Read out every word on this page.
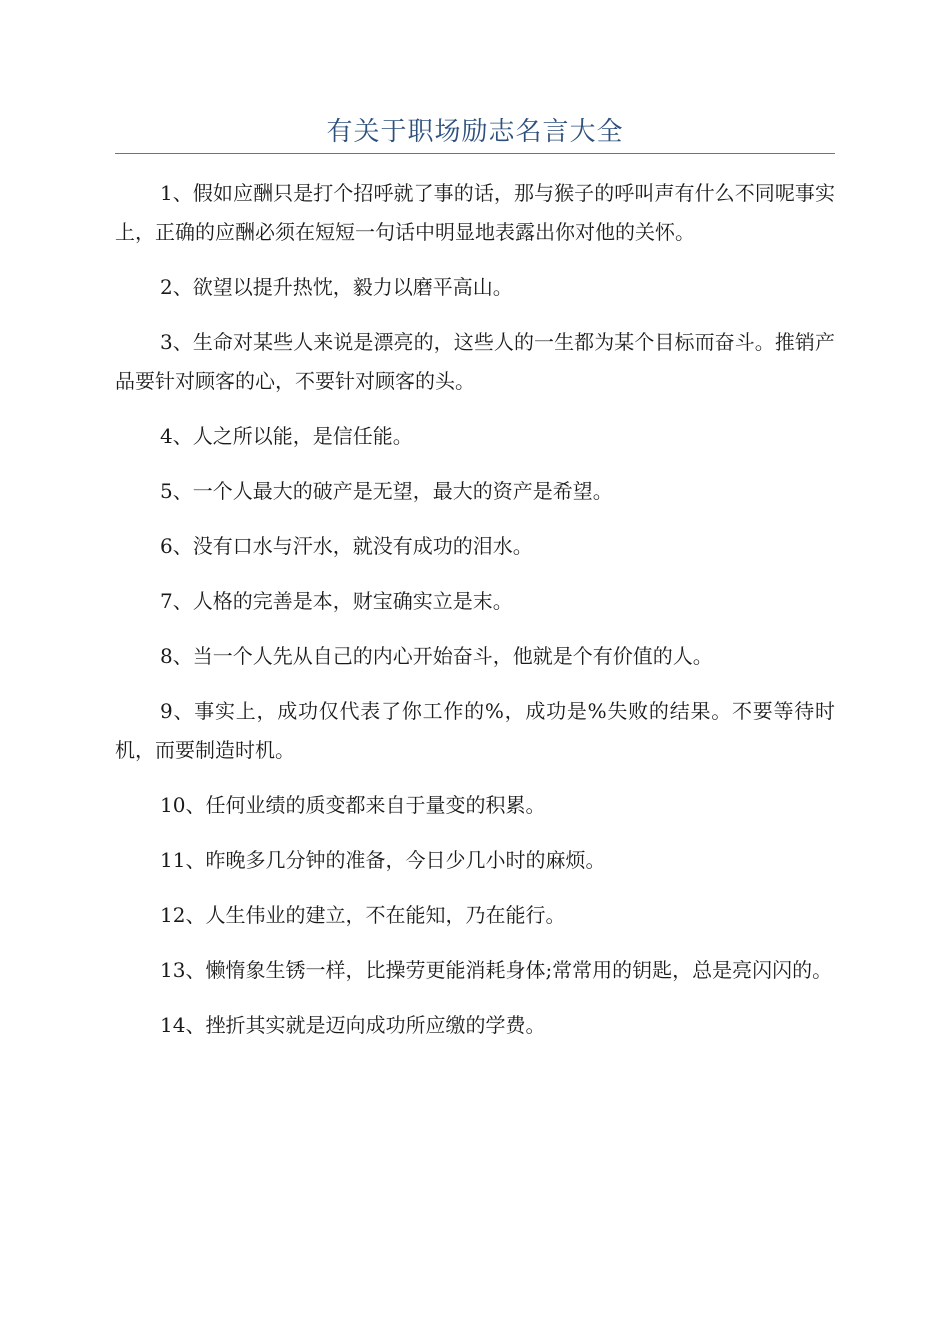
有关于职场励志名言大全

1、假如应酬只是打个招呼就了事的话，那与猴子的呼叫声有什么不同呢事实上，正确的应酬必须在短短一句话中明显地表露出你对他的关怀。

2、欲望以提升热忱，毅力以磨平高山。

3、生命对某些人来说是漂亮的，这些人的一生都为某个目标而奋斗。推销产品要针对顾客的心，不要针对顾客的头。

4、人之所以能，是信任能。

5、一个人最大的破产是无望，最大的资产是希望。

6、没有口水与汗水，就没有成功的泪水。

7、人格的完善是本，财宝确实立是末。

8、当一个人先从自己的内心开始奋斗，他就是个有价值的人。

9、事实上，成功仅代表了你工作的%，成功是%失败的结果。不要等待时机，而要制造时机。

10、任何业绩的质变都来自于量变的积累。

11、昨晚多几分钟的准备，今日少几小时的麻烦。

12、人生伟业的建立，不在能知，乃在能行。

13、懒惰象生锈一样，比操劳更能消耗身体;常常用的钥匙，总是亮闪闪的。

14、挫折其实就是迈向成功所应缴的学费。
